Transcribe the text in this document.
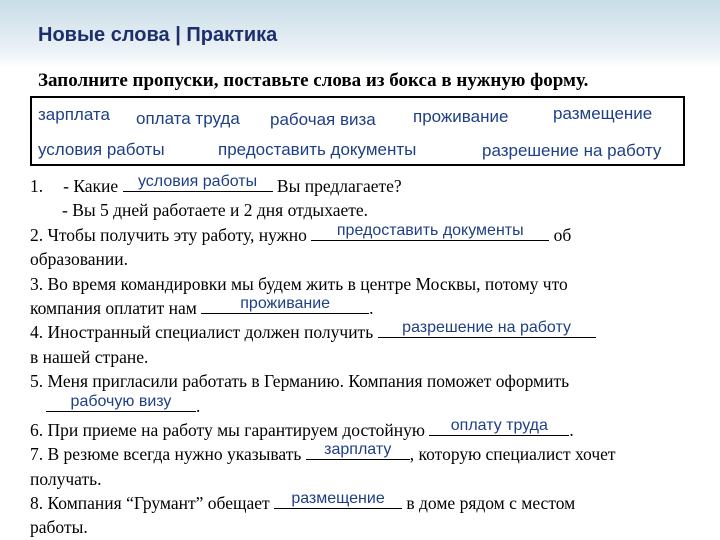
Новые слова | Практика
Заполните пропуски, поставьте слова из бокса в нужную форму.
зарплата оплата труда рабочая виза проживание	размещение
условия работы	предоставить документы	разрешение на работу
1. - Какие условия работы Вы предлагаете?
- Вы 5 дней работаете и 2 дня отдыхаете.
2. Чтобы получить эту работу, нужно	предоставить документы	об
образовании.
3. Во время командировки мы будем жить в центре Москвы, потому что
компания оплатит нам	проживание	.
4. Иностранный специалист должен получить	разрешение на работу
в нашей стране.
5. Меня пригласили работать в Германию. Компания поможет оформить
рабочую визу	.
6. При приеме на работу мы гарантируем достойную	оплату труда	.
7. В резюме всегда нужно указывать	зарплату	, которую специалист хочет
получать.
8. Компания “Грумант” обещает	размещение в доме рядом с местом
работы.
